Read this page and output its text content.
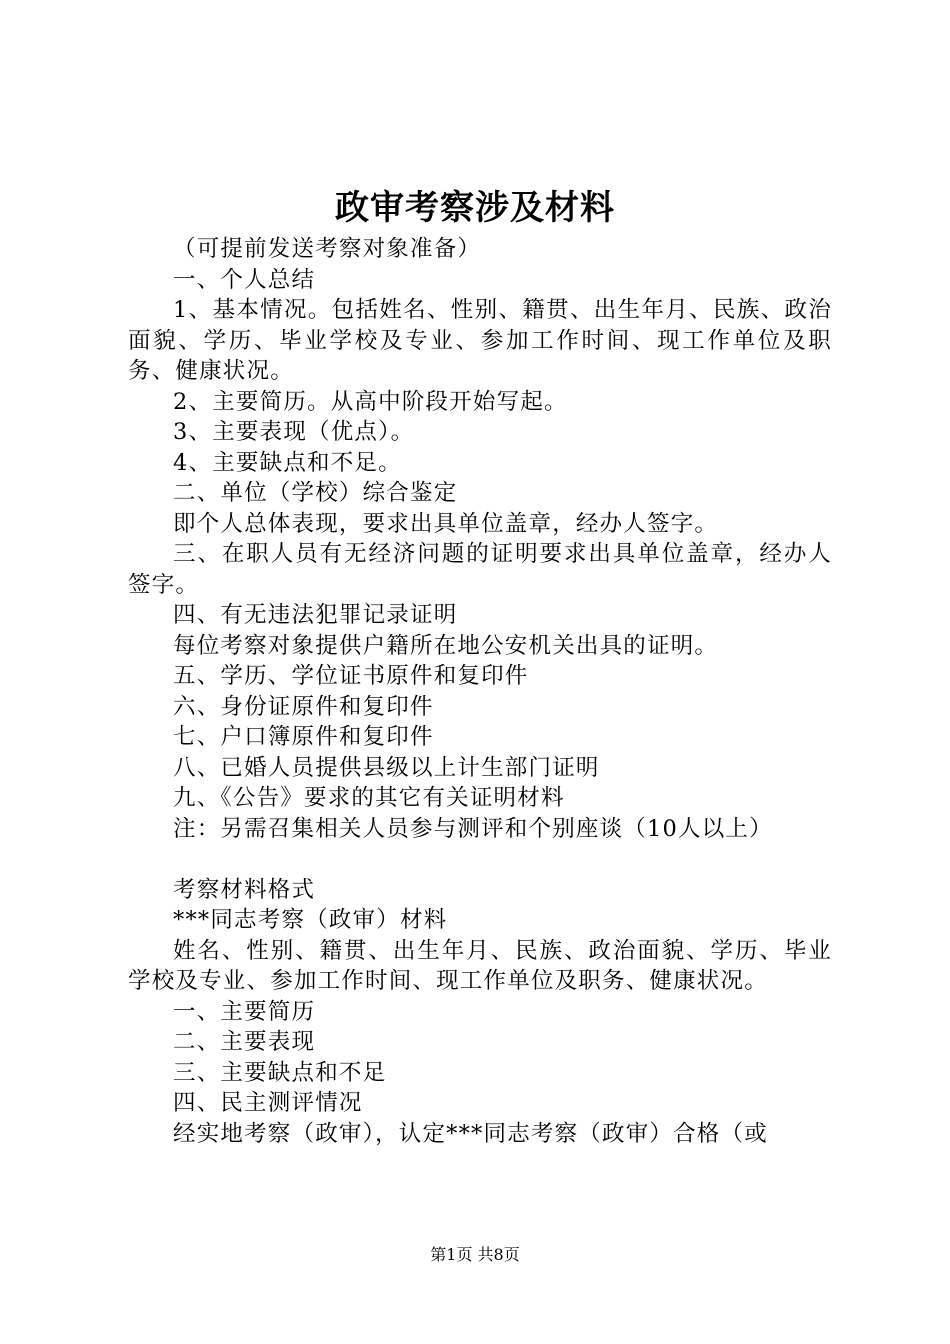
政审考察涉及材料

（可提前发送考察对象准备）

一、个人总结

1、基本情况。包括姓名、性别、籍贯、出生年月、民族、政治面貌、学历、毕业学校及专业、参加工作时间、现工作单位及职务、健康状况。

2、主要简历。从高中阶段开始写起。

3、主要表现（优点）。

4、主要缺点和不足。

二、单位（学校）综合鉴定

即个人总体表现，要求出具单位盖章，经办人签字。

三、在职人员有无经济问题的证明要求出具单位盖章，经办人签字。

四、有无违法犯罪记录证明

每位考察对象提供户籍所在地公安机关出具的证明。

五、学历、学位证书原件和复印件

六、身份证原件和复印件

七、户口簿原件和复印件

八、已婚人员提供县级以上计生部门证明

九、《公告》要求的其它有关证明材料

注：另需召集相关人员参与测评和个别座谈（10人以上）

考察材料格式

***同志考察（政审）材料

姓名、性别、籍贯、出生年月、民族、政治面貌、学历、毕业学校及专业、参加工作时间、现工作单位及职务、健康状况。

一、主要简历

二、主要表现

三、主要缺点和不足

四、民主测评情况

经实地考察（政审），认定***同志考察（政审）合格（或

第1页 共8页
